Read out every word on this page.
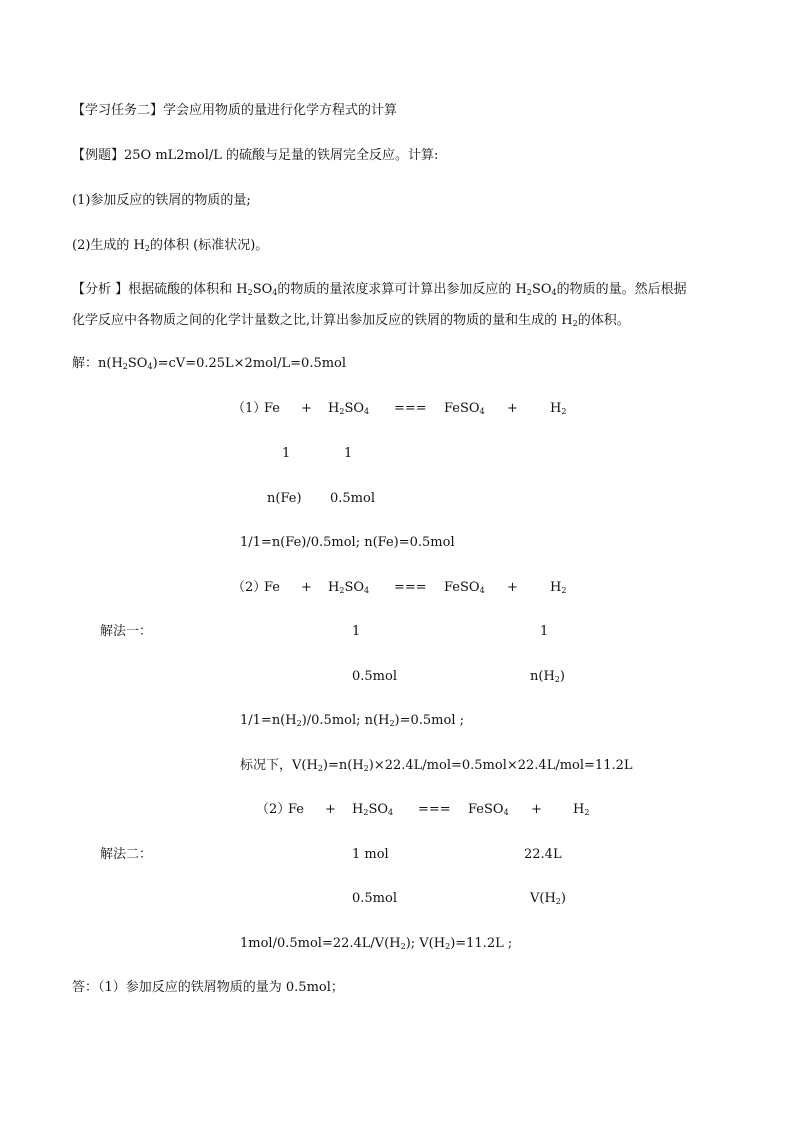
【学习任务二】学会应用物质的量进行化学方程式的计算
【例题】25O mL2mol/L 的硫酸与足量的铁屑完全反应。计算:
(1)参加反应的铁屑的物质的量;
(2)生成的 $H_2$的体积 (标准状况)。
【分析 】根据硫酸的体积和 $H_2SO_4$的物质的量浓度求算可计算出参加反应的 $H_2SO_4$的物质的量。然后根据
化学反应中各物质之间的化学计量数之比,计算出参加反应的铁屑的物质的量和生成的 $H_2$的体积。
解：$n(H_2SO_4)=cV=0.25L\times 2mol/L=0.5mol$
（1）
$Fe + H_2SO_4$ === FeSO$_4$ + $H_2$
1	1
n(Fe) 0.5mol
1/1=n(Fe)/0.5mol; n(Fe)=0.5mol
（2）
$Fe + H_2SO_4$ === FeSO$_4$ + $H_2$
解法一：	1	1
0.5mol	$n(H_2)$
$1/1=n(H_2)/0.5mol$; $n(H_2)=0.5mol$ ;
标况下，$V(H_2)=n(H_2)\times 22.4L/mol=0.5mol\times 22.4L/mol=11.2L$
（2）
$Fe + H_2SO_4$ === FeSO$_4$ + $H_2$
解法二：	1 mol	22.4L
0.5mol	$V(H_2)$
$1mol/0.5mol=22.4L/V(H_2)$; $V(H_2)=11.2L$ ;
答：（1）参加反应的铁屑物质的量为 0.5mol；
